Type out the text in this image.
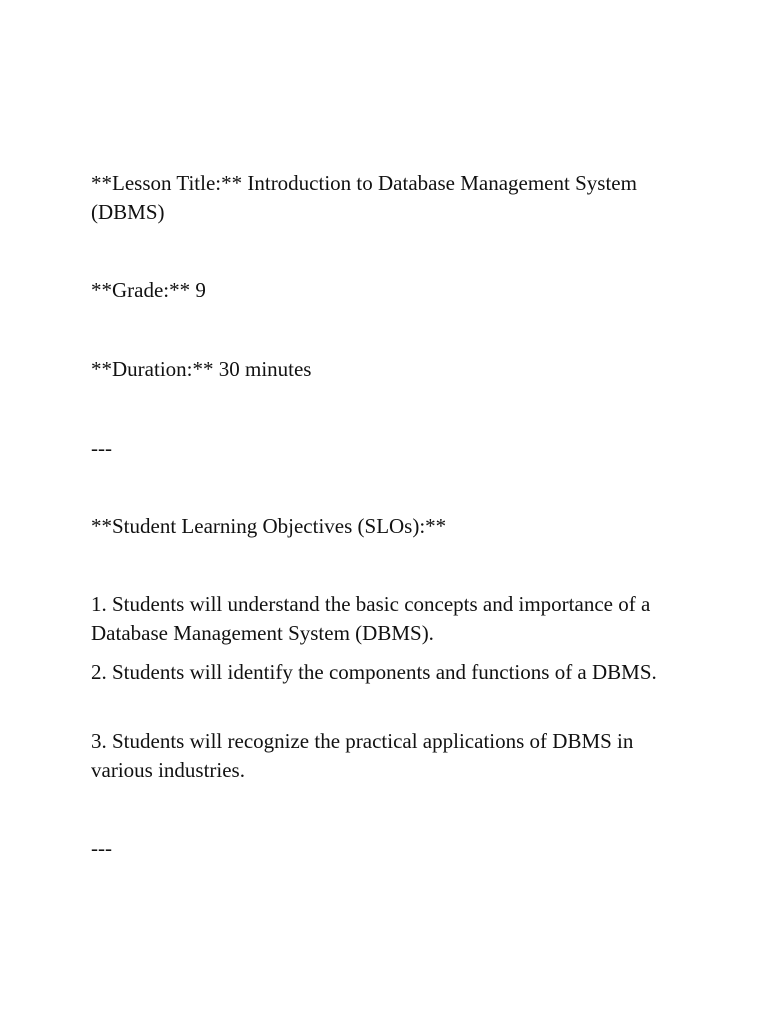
**Lesson Title:** Introduction to Database Management System (DBMS)

**Grade:** 9

**Duration:** 30 minutes

---

**Student Learning Objectives (SLOs):**

1. Students will understand the basic concepts and importance of a Database Management System (DBMS).

2. Students will identify the components and functions of a DBMS.

3. Students will recognize the practical applications of DBMS in various industries.

---
